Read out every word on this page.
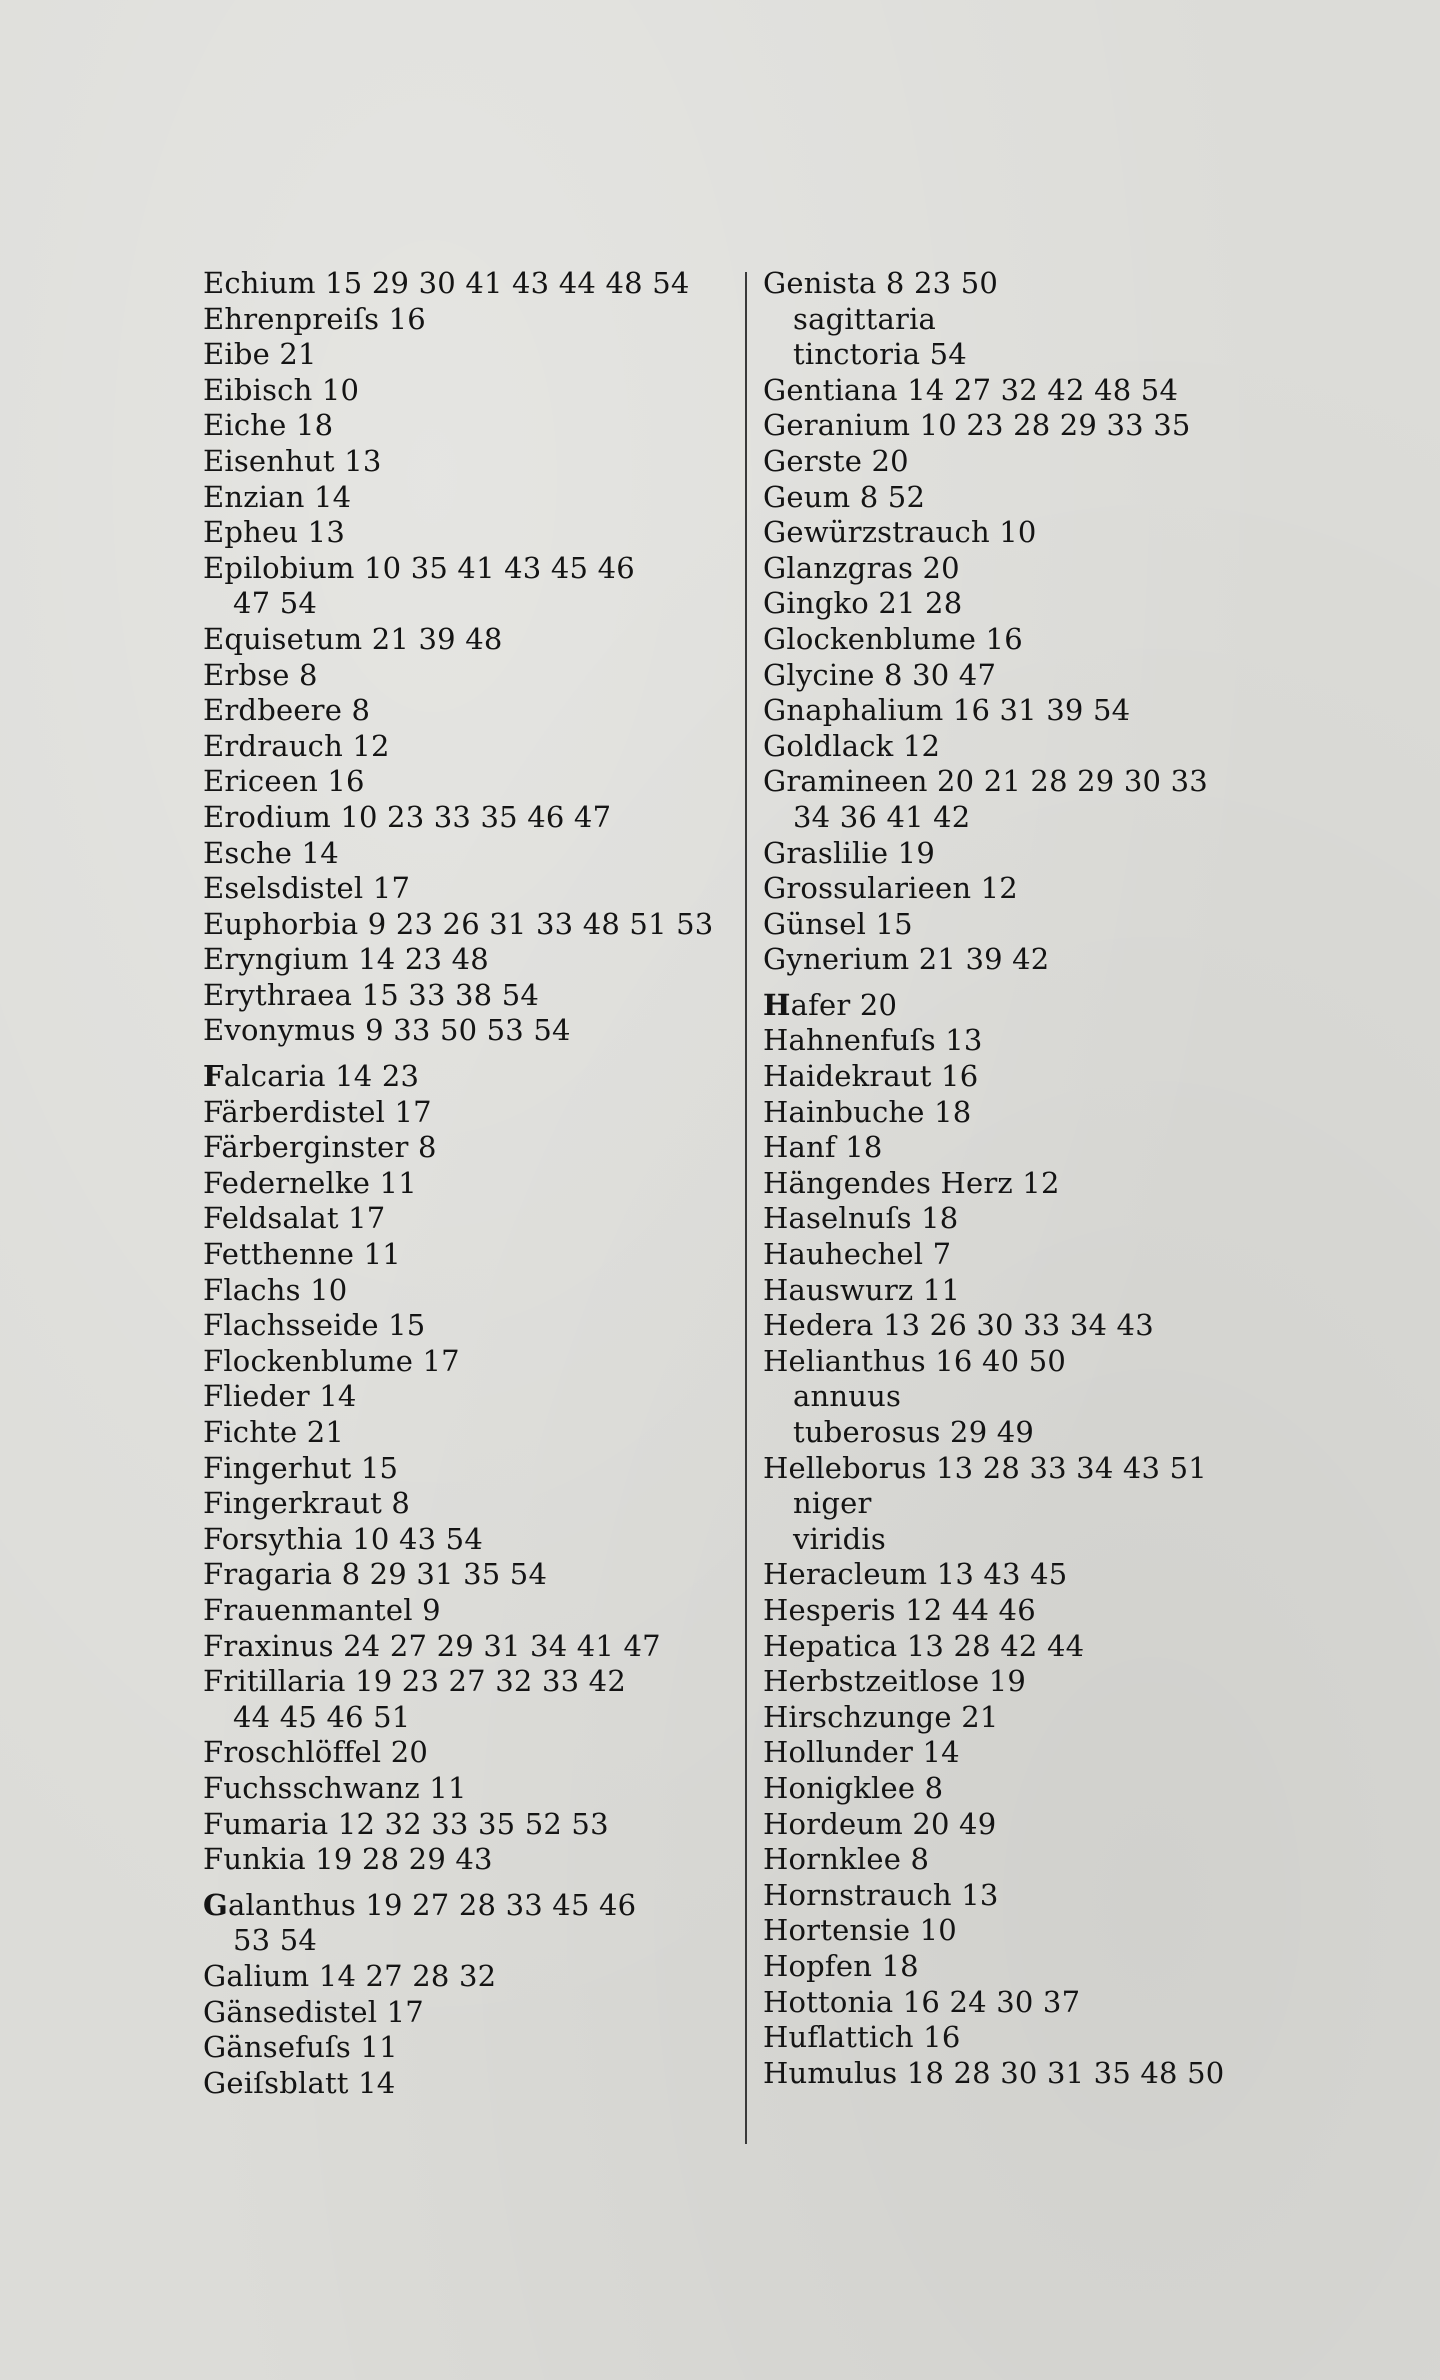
Echium 15 29 30 41 43 44 48 54
Ehrenpreiſs 16
Eibe 21
Eibisch 10
Eiche 18
Eisenhut 13
Enzian 14
Epheu 13
Epilobium 10 35 41 43 45 46
47 54
Equisetum 21 39 48
Erbse 8
Erdbeere 8
Erdrauch 12
Ericeen 16
Erodium 10 23 33 35 46 47
Esche 14
Eselsdistel 17
Euphorbia 9 23 26 31 33 48 51 53
Eryngium 14 23 48
Erythraea 15 33 38 54
Evonymus 9 33 50 53 54
Falcaria 14 23
Färberdistel 17
Färberginster 8
Federnelke 11
Feldsalat 17
Fetthenne 11
Flachs 10
Flachsseide 15
Flockenblume 17
Flieder 14
Fichte 21
Fingerhut 15
Fingerkraut 8
Forsythia 10 43 54
Fragaria 8 29 31 35 54
Frauenmantel 9
Fraxinus 24 27 29 31 34 41 47
Fritillaria 19 23 27 32 33 42
44 45 46 51
Froschlöffel 20
Fuchsschwanz 11
Fumaria 12 32 33 35 52 53
Funkia 19 28 29 43
Galanthus 19 27 28 33 45 46
53 54
Galium 14 27 28 32
Gänsedistel 17
Gänsefuſs 11
Geiſsblatt 14
Genista 8 23 50
sagittaria
tinctoria 54
Gentiana 14 27 32 42 48 54
Geranium 10 23 28 29 33 35
Gerste 20
Geum 8 52
Gewürzstrauch 10
Glanzgras 20
Gingko 21 28
Glockenblume 16
Glycine 8 30 47
Gnaphalium 16 31 39 54
Goldlack 12
Gramineen 20 21 28 29 30 33
34 36 41 42
Graslilie 19
Grossularieen 12
Günsel 15
Gynerium 21 39 42
Hafer 20
Hahnenfuſs 13
Haidekraut 16
Hainbuche 18
Hanf 18
Hängendes Herz 12
Haselnuſs 18
Hauhechel 7
Hauswurz 11
Hedera 13 26 30 33 34 43
Helianthus 16 40 50
annuus
tuberosus 29 49
Helleborus 13 28 33 34 43 51
niger
viridis
Heracleum 13 43 45
Hesperis 12 44 46
Hepatica 13 28 42 44
Herbstzeitlose 19
Hirschzunge 21
Hollunder 14
Honigklee 8
Hordeum 20 49
Hornklee 8
Hornstrauch 13
Hortensie 10
Hopfen 18
Hottonia 16 24 30 37
Huflattich 16
Humulus 18 28 30 31 35 48 50
